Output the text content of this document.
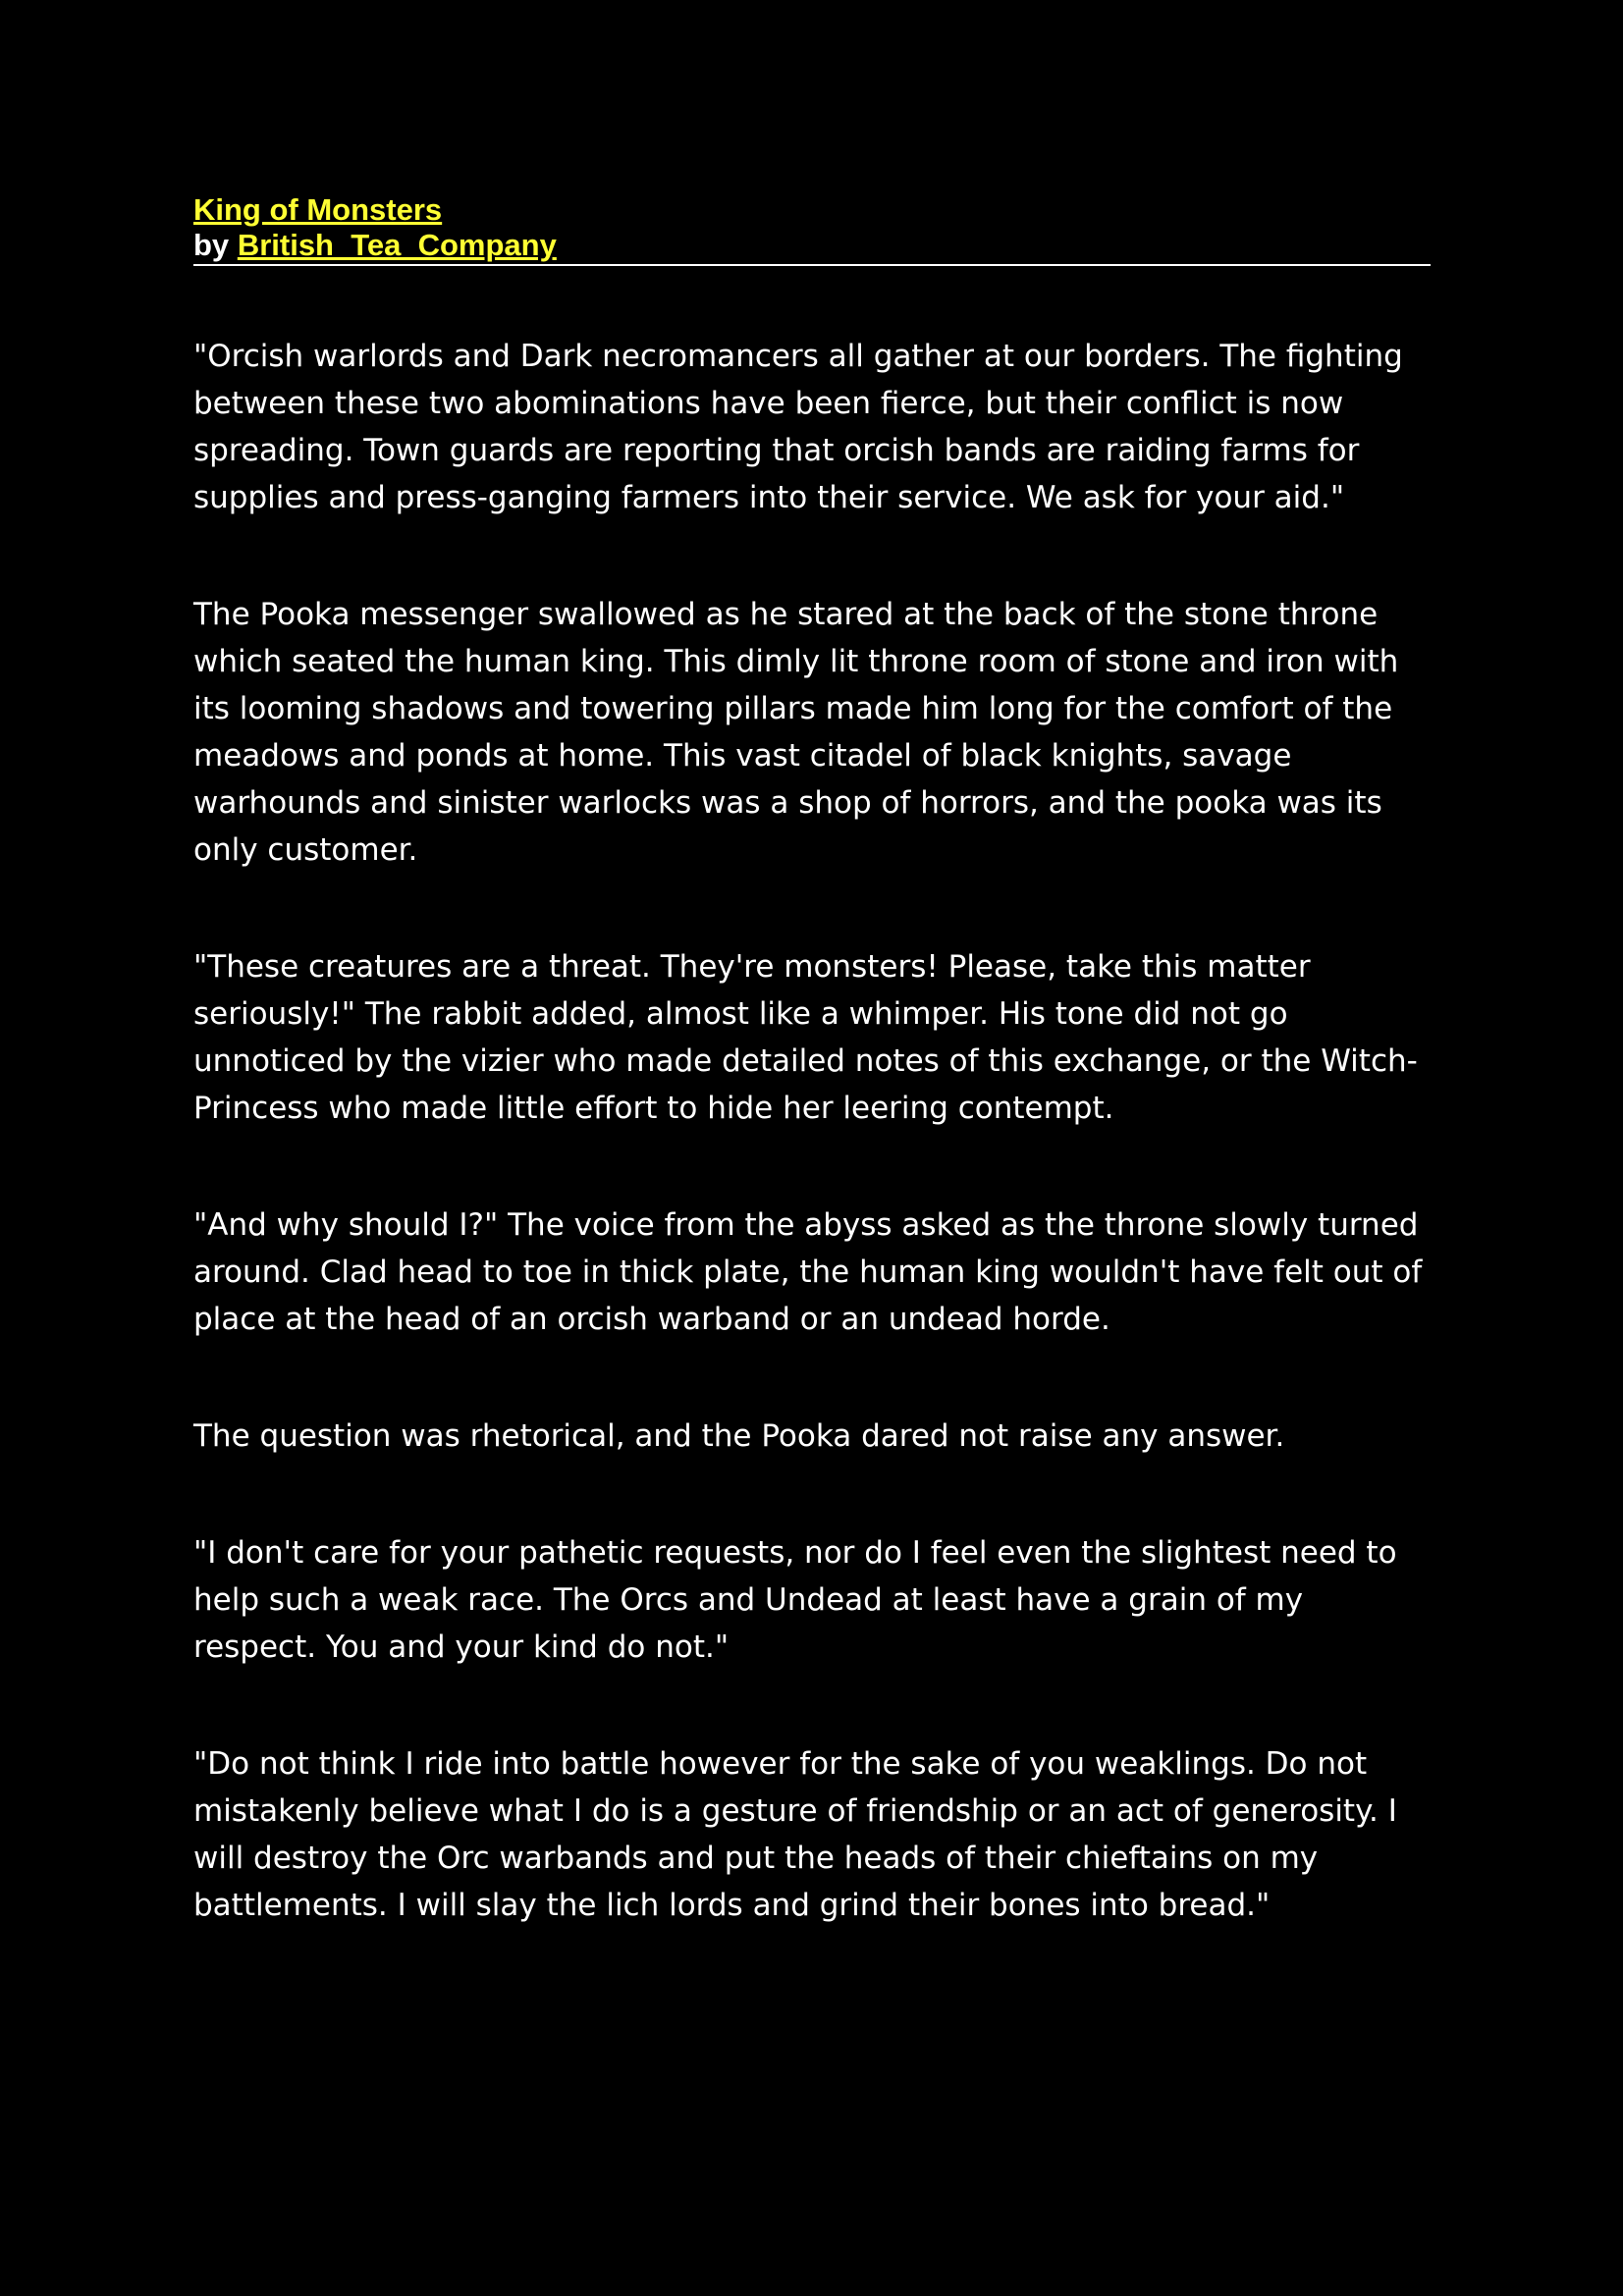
King of Monsters
by British_Tea_Company

"Orcish warlords and Dark necromancers all gather at our borders. The fighting between these two abominations have been fierce, but their conflict is now spreading. Town guards are reporting that orcish bands are raiding farms for supplies and press-ganging farmers into their service. We ask for your aid."

The Pooka messenger swallowed as he stared at the back of the stone throne which seated the human king. This dimly lit throne room of stone and iron with its looming shadows and towering pillars made him long for the comfort of the meadows and ponds at home. This vast citadel of black knights, savage warhounds and sinister warlocks was a shop of horrors, and the pooka was its only customer.

"These creatures are a threat. They're monsters! Please, take this matter seriously!" The rabbit added, almost like a whimper. His tone did not go unnoticed by the vizier who made detailed notes of this exchange, or the Witch-Princess who made little effort to hide her leering contempt.

"And why should I?" The voice from the abyss asked as the throne slowly turned around. Clad head to toe in thick plate, the human king wouldn't have felt out of place at the head of an orcish warband or an undead horde.

The question was rhetorical, and the Pooka dared not raise any answer.

"I don't care for your pathetic requests, nor do I feel even the slightest need to help such a weak race. The Orcs and Undead at least have a grain of my respect. You and your kind do not."

"Do not think I ride into battle however for the sake of you weaklings. Do not mistakenly believe what I do is a gesture of friendship or an act of generosity. I will destroy the Orc warbands and put the heads of their chieftains on my battlements. I will slay the lich lords and grind their bones into bread."
